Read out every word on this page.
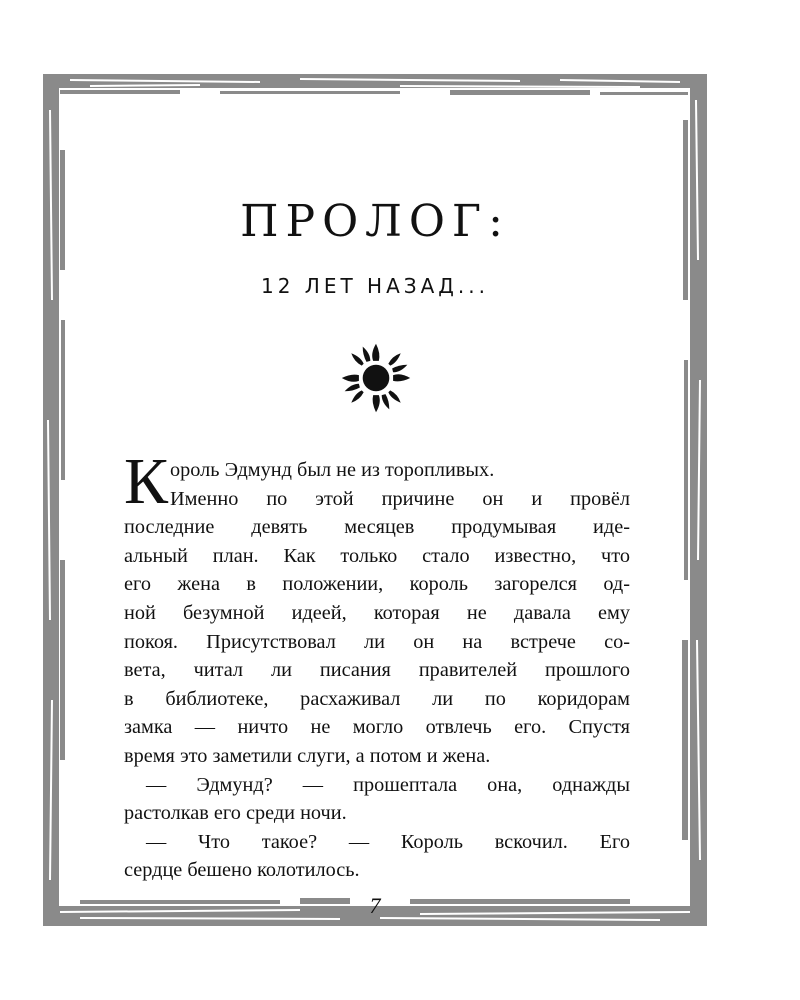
ПРОЛОГ:
12 ЛЕТ НАЗАД...
К ороль Эдмунд был не из торопливых.
Именно по этой причине он и провёл
последние девять месяцев продумывая иде-
альный план. Как только стало известно, что
его жена в положении, король загорелся од-
ной безумной идеей, которая не давала ему
покоя. Присутствовал ли он на встрече со-
вета, читал ли писания правителей прошлого
в библиотеке, расхаживал ли по коридорам
замка — ничто не могло отвлечь его. Спустя
время это заметили слуги, а потом и жена.
— Эдмунд? — прошептала она, однажды
растолкав его среди ночи.
— Что такое? — Король вскочил. Его
сердце бешено колотилось.
7
